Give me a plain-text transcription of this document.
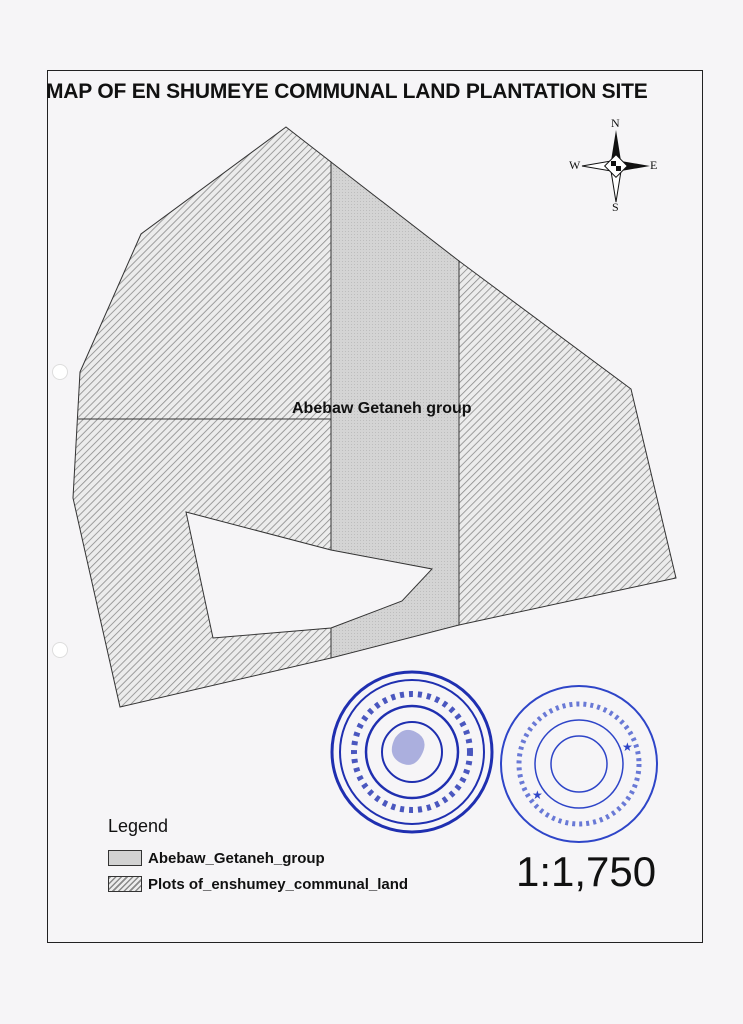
MAP OF EN SHUMEYE COMMUNAL LAND PLANTATION SITE
★
★
Abebaw Getaneh group
N
S
W	E
Legend
Abebaw_Getaneh_group
Plots of_enshumey_communal_land	1:1,750
